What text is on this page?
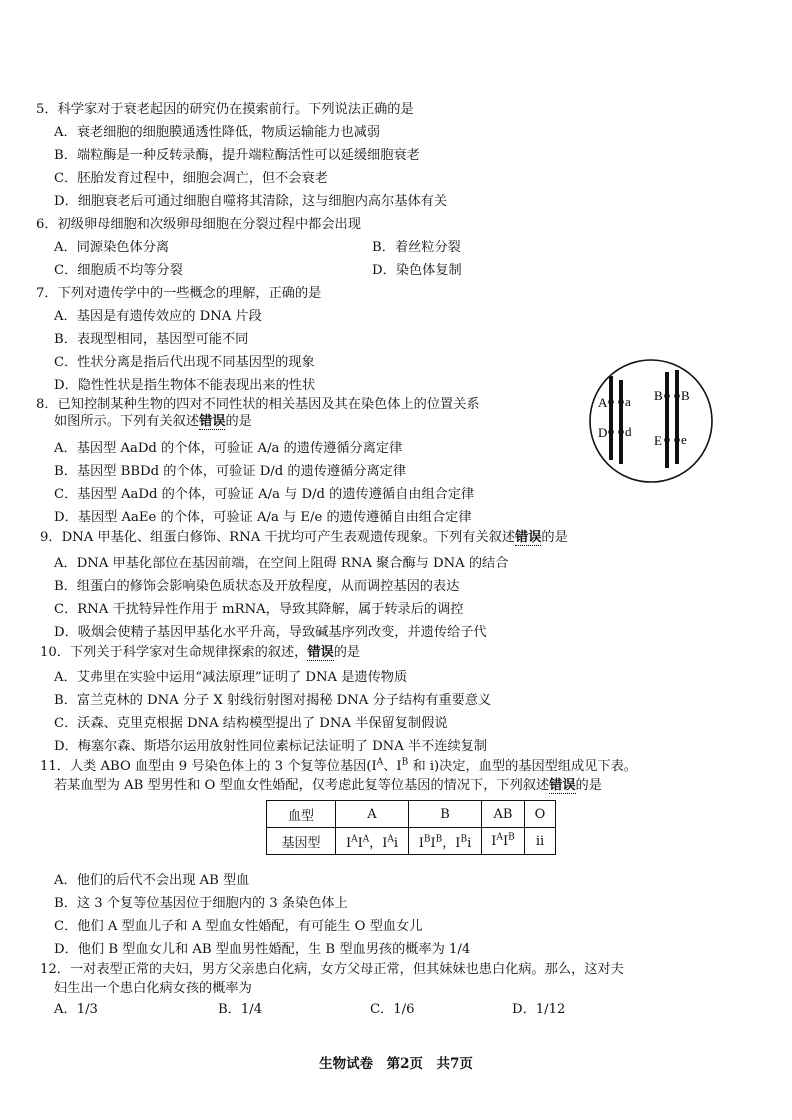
5．科学家对于衰老起因的研究仍在摸索前行。下列说法正确的是
A．衰老细胞的细胞膜通透性降低，物质运输能力也减弱
B．端粒酶是一种反转录酶，提升端粒酶活性可以延缓细胞衰老
C．胚胎发育过程中，细胞会凋亡，但不会衰老
D．细胞衰老后可通过细胞自噬将其清除，这与细胞内高尔基体有关
6．初级卵母细胞和次级卵母细胞在分裂过程中都会出现
A．同源染色体分离	B．着丝粒分裂
C．细胞质不均等分裂	D．染色体复制
7．下列对遗传学中的一些概念的理解，正确的是
A．基因是有遗传效应的 DNA 片段
B．表现型相同，基因型可能不同
C．性状分离是指后代出现不同基因型的现象
D．隐性性状是指生物体不能表现出来的性状
8．已知控制某种生物的四对不同性状的相关基因及其在染色体上的位置关系
如图所示。下列有关叙述错误的是
A．基因型 AaDd 的个体，可验证 A/a 的遗传遵循分离定律
B．基因型 BBDd 的个体，可验证 D/d 的遗传遵循分离定律
C．基因型 AaDd 的个体，可验证 A/a 与 D/d 的遗传遵循自由组合定律
D．基因型 AaEe 的个体，可验证 A/a 与 E/e 的遗传遵循自由组合定律
A a
D d
B B
E e
9．DNA 甲基化、组蛋白修饰、RNA 干扰均可产生表观遗传现象。下列有关叙述错误的是
A．DNA 甲基化部位在基因前端，在空间上阻碍 RNA 聚合酶与 DNA 的结合
B．组蛋白的修饰会影响染色质状态及开放程度，从而调控基因的表达
C．RNA 干扰特异性作用于 mRNA，导致其降解，属于转录后的调控
D．吸烟会使精子基因甲基化水平升高，导致碱基序列改变，并遗传给子代
10．下列关于科学家对生命规律探索的叙述，错误的是
A．艾弗里在实验中运用“减法原理”证明了 DNA 是遗传物质
B．富兰克林的 DNA 分子 X 射线衍射图对揭秘 DNA 分子结构有重要意义
C．沃森、克里克根据 DNA 结构模型提出了 DNA 半保留复制假说
D．梅塞尔森、斯塔尔运用放射性同位素标记法证明了 DNA 半不连续复制
11．人类 ABO 血型由 9 号染色体上的 3 个复等位基因($I^A$、$I^B$ 和 i)决定，血型的基因型组成见下表。
若某血型为 AB 型男性和 O 型血女性婚配，仅考虑此复等位基因的情况下，下列叙述错误的是
血型	A	B	AB	O
基因型	$I^AI^A$，$I^Ai$	$I^BI^B$，$I^Bi$	$I^AI^B$	ii
A．他们的后代不会出现 AB 型血
B．这 3 个复等位基因位于细胞内的 3 条染色体上
C．他们 A 型血儿子和 A 型血女性婚配，有可能生 O 型血女儿
D．他们 B 型血女儿和 AB 型血男性婚配，生 B 型血男孩的概率为 1/4
12．一对表型正常的夫妇，男方父亲患白化病，女方父母正常，但其妹妹也患白化病。那么，这对夫
妇生出一个患白化病女孩的概率为
A．1/3	B．1/4	C．1/6	D．1/12
生物试卷　第2页　共7页
